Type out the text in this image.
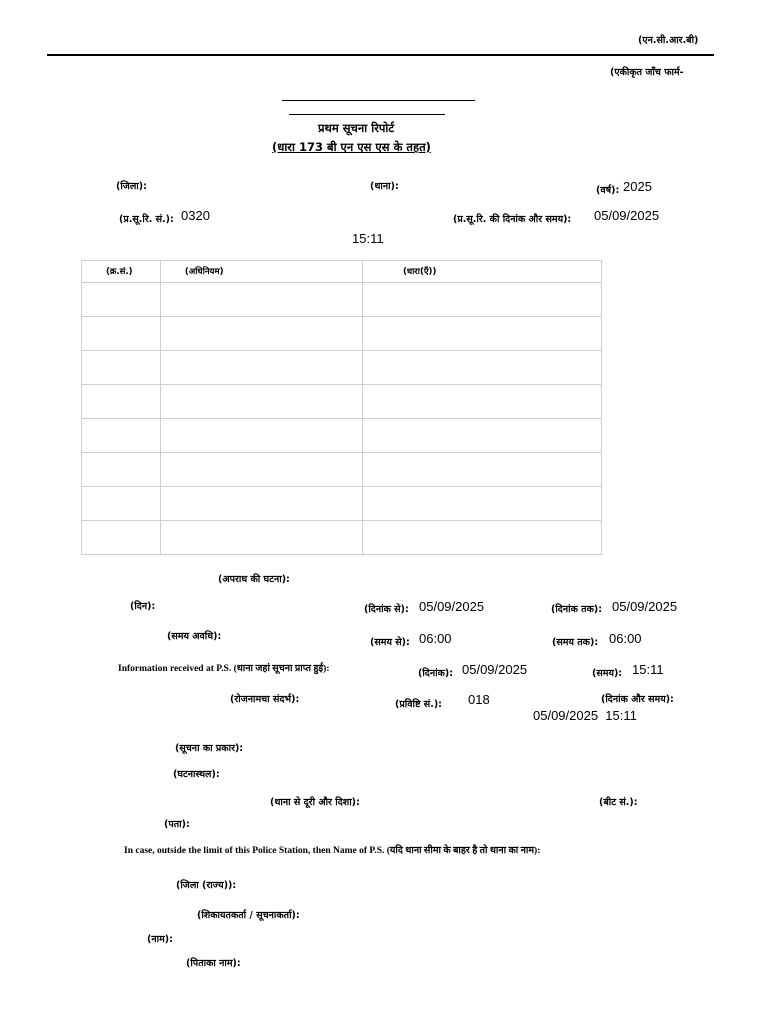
(एन.सी.आर.बी)
(एकीकृत जाँच फार्म-
प्रथम सूचना रिपोर्ट
(धारा 173 बी एन एस एस के तहत)
(जिला):	(थाना):	(वर्ष): 2025
(प्र.सू.रि. सं.): 0320	(प्र.सू.रि. की दिनांक और समय): 05/09/2025
15:11
(क्र.सं.)	(अधिनियम)	(धारा(एँ))

(अपराध की घटना):
(दिन):	(दिनांक से): 05/09/2025	(दिनांक तक): 05/09/2025
(समय अवधि):
(समय से): 06:00	(समय तक): 06:00
Information received at P.S. (थाना जहां सूचना प्राप्त हुई):	(दिनांक): 05/09/2025	(समय): 15:11
(रोजनामचा संदर्भ):	(प्रविष्टि सं.): 018	(दिनांक और समय):
05/09/2025  15:11
(सूचना का प्रकार):
(घटनास्थल):
(थाना से दूरी और दिशा):	(बीट सं.):
(पता):
In case, outside the limit of this Police Station, then Name of P.S. (यदि थाना सीमा के बाहर है तो थाना का नाम):
(जिला (राज्य)):
(शिकायतकर्ता / सूचनाकर्ता):
(नाम):
(पिताका नाम):
